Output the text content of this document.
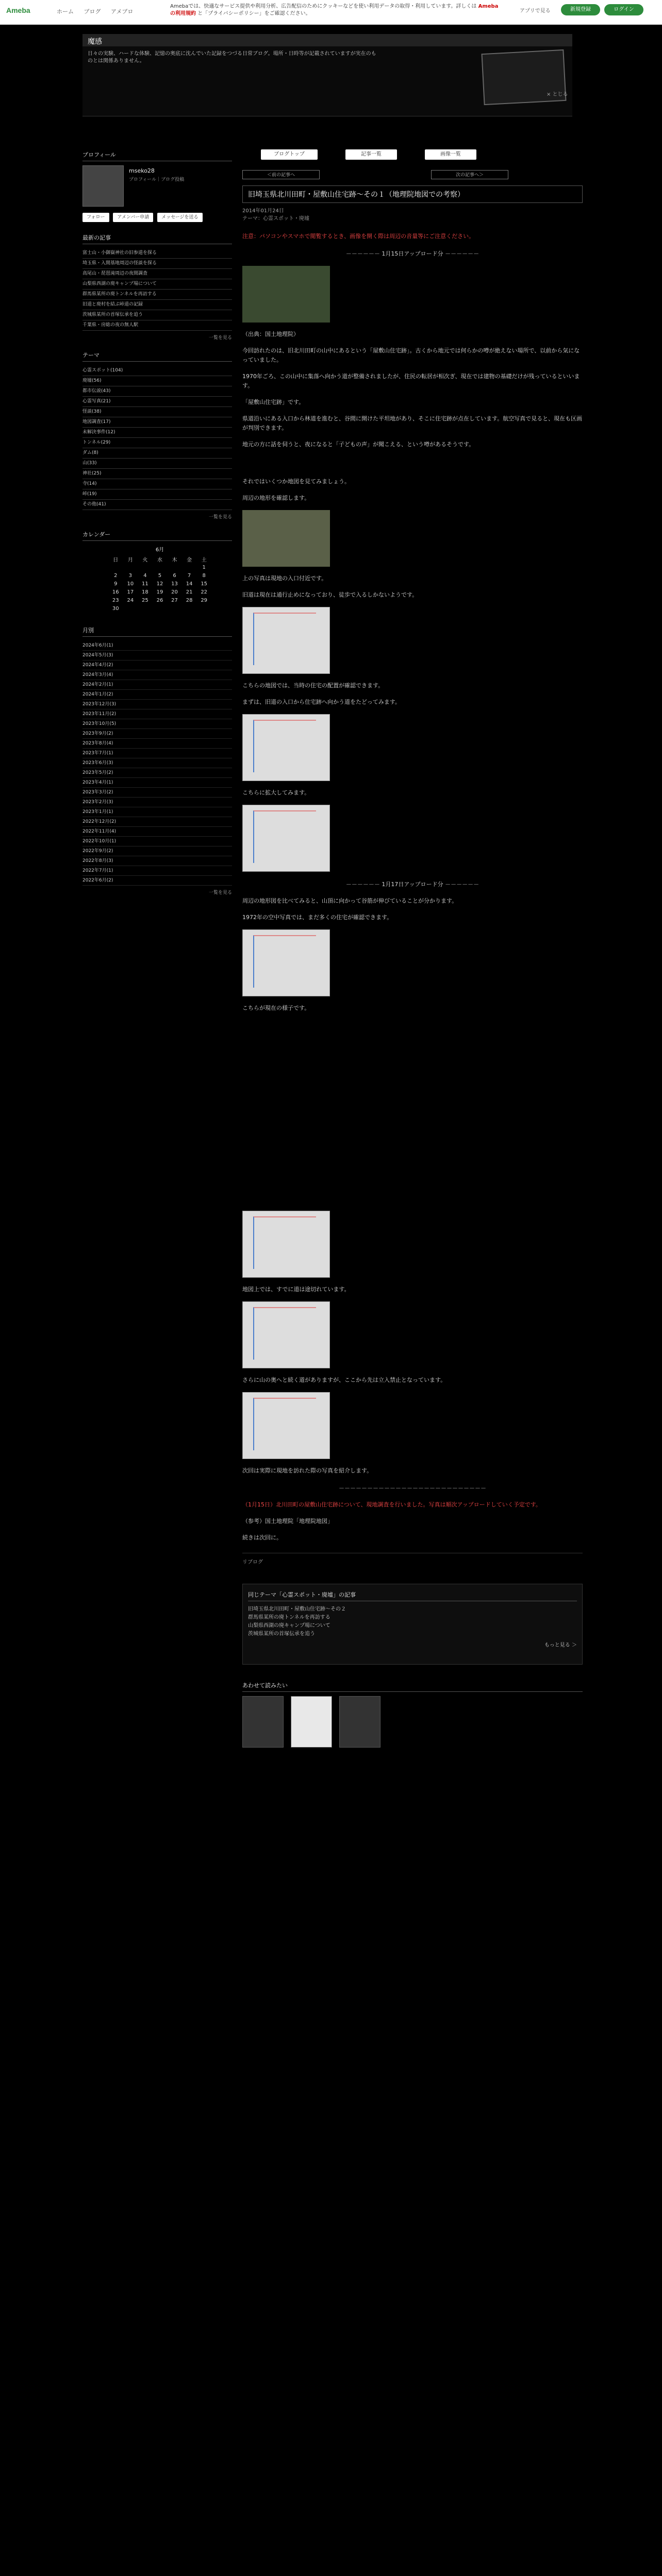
Ameba	ホーム ブログ アメブロ
Amebaでは、快適なサービス提供や利用分析、広告配信のためにクッキーなどを使い利用データの取得・利用しています。詳しくは Amebaの利用規約 と「プライバシーポリシー」をご確認ください。	アプリで見る	新規登録	ログイン
魔感
日々の実験、ハードな体験、記憶の奥底に沈んでいた記録をつづる日常ブログ。場所・日時等が記載されていますが実在のものとは関係ありません。
× とじる
プロフィール
mseko28
プロフィール｜ブログ投稿
フォロー	アメンバー申請	メッセージを送る
最新の記事
富士山・小御嶽神社の旧参道を探る
埼玉県・入間基地周辺の怪談を探る
高尾山・琵琶滝周辺の夜間調査
山梨県西湖の廃キャンプ場について
群馬県某所の廃トンネルを再訪する
旧道と廃村を結ぶ峠道の記録
茨城県某所の首塚伝承を追う
千葉県・房総の夜の無人駅
一覧を見る
テーマ
心霊スポット(104)
廃墟(56)
都市伝説(43)
心霊写真(21)
怪談(38)
地図調査(17)
未解決事件(12)
トンネル(29)
ダム(8)
山(33)
神社(25)
寺(14)
峠(19)
その他(41)
一覧を見る
カレンダー
6月
日	月	火	水	木	金	土
						1
2	3	4	5	6	7	8
9	10	11	12	13	14	15
16	17	18	19	20	21	22
23	24	25	26	27	28	29
30						
月別
2024年6月(1)
2024年5月(3)
2024年4月(2)
2024年3月(4)
2024年2月(1)
2024年1月(2)
2023年12月(3)
2023年11月(2)
2023年10月(5)
2023年9月(2)
2023年8月(4)
2023年7月(1)
2023年6月(3)
2023年5月(2)
2023年4月(1)
2023年3月(2)
2023年2月(3)
2023年1月(1)
2022年12月(2)
2022年11月(4)
2022年10月(1)
2022年9月(2)
2022年8月(3)
2022年7月(1)
2022年6月(2)
一覧を見る
ブログトップ	記事一覧	画像一覧
＜前の記事へ	次の記事へ＞
旧埼玉県北川田町・屋敷山住宅跡～その１（地理院地図での考察）
2014年01月24日
テーマ：心霊スポット・廃墟

注意：パソコンやスマホで閲覧するとき、画像を開く際は周辺の音量等にご注意ください。

－－－－－－ 1月15日アップロード分 －－－－－－

（出典：国土地理院）

今回訪れたのは、旧北川田町の山中にあるという「屋敷山住宅跡」。古くから地元では何らかの噂が絶えない場所で、以前から気になっていました。

1970年ごろ、この山中に集落へ向かう道が整備されましたが、住民の転居が相次ぎ、現在では建物の基礎だけが残っているといいます。

「屋敷山住宅跡」です。

県道沿いにある入口から林道を進むと、谷間に開けた平坦地があり、そこに住宅跡が点在しています。航空写真で見ると、現在も区画が判別できます。

地元の方に話を伺うと、夜になると「子どもの声」が聞こえる、という噂があるそうです。

それではいくつか地図を見てみましょう。

周辺の地形を確認します。

上の写真は現地の入口付近です。

旧道は現在は通行止めになっており、徒歩で入るしかないようです。

こちらの地図では、当時の住宅の配置が確認できます。

まずは、旧道の入口から住宅跡へ向かう道をたどってみます。

こちらに拡大してみます。

－－－－－－ 1月17日アップロード分 －－－－－－

周辺の地形図を比べてみると、山頂に向かって谷筋が伸びていることが分かります。

1972年の空中写真では、まだ多くの住宅が確認できます。

こちらが現在の様子です。

地図上では、すでに道は途切れています。

さらに山の奥へと続く道がありますが、ここから先は立入禁止となっています。

次回は実際に現地を訪れた際の写真を紹介します。

－－－－－－－－－－－－－－－－－－－－－－－－－－

（1月15日）北川田町の屋敷山住宅跡について、現地調査を行いました。写真は順次アップロードしていく予定です。

（参考）国土地理院「地理院地図」

続きは次回に。

リブログ
同じテーマ「心霊スポット・廃墟」の記事
旧埼玉県北川田町・屋敷山住宅跡～その２
群馬県某所の廃トンネルを再訪する
山梨県西湖の廃キャンプ場について
茨城県某所の首塚伝承を追う
もっと見る ＞
あわせて読みたい
